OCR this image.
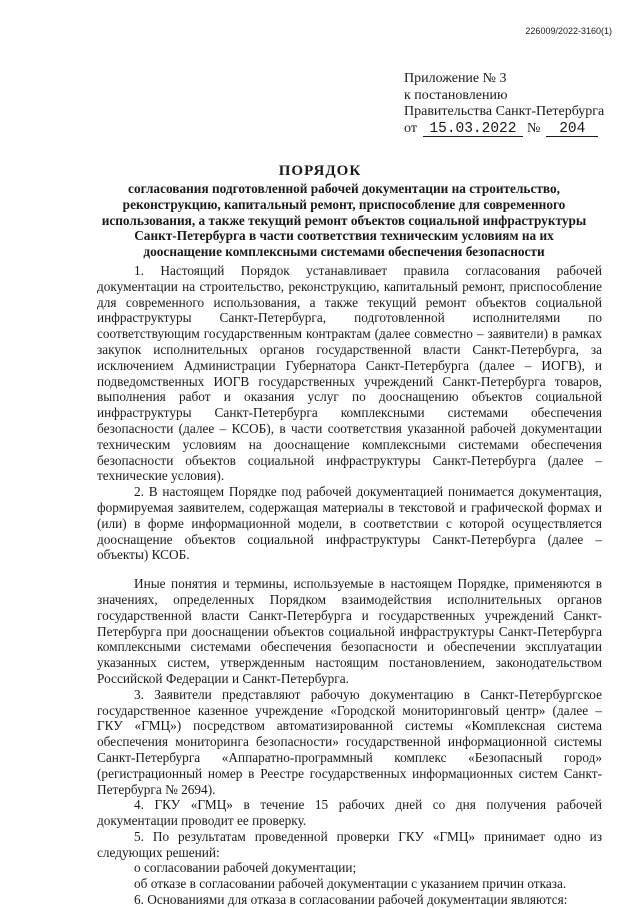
226009/2022-3160(1)
Приложение № 3
к постановлению
Правительства Санкт-Петербурга
от 15.03.2022 № 204
ПОРЯДОК
согласования подготовленной рабочей документации на строительство, реконструкцию, капитальный ремонт, приспособление для современного использования, а также текущий ремонт объектов социальной инфраструктуры Санкт-Петербурга в части соответствия техническим условиям на их дооснащение комплексными системами обеспечения безопасности

1. Настоящий Порядок устанавливает правила согласования рабочей документации на строительство, реконструкцию, капитальный ремонт, приспособление для современного использования, а также текущий ремонт объектов социальной инфраструктуры Санкт-Петербурга, подготовленной исполнителями по соответствующим государственным контрактам (далее совместно – заявители) в рамках закупок исполнительных органов государственной власти Санкт-Петербурга, за исключением Администрации Губернатора Санкт-Петербурга (далее – ИОГВ), и подведомственных ИОГВ государственных учреждений Санкт-Петербурга товаров, выполнения работ и оказания услуг по дооснащению объектов социальной инфраструктуры Санкт-Петербурга комплексными системами обеспечения безопасности (далее – КСОБ), в части соответствия указанной рабочей документации техническим условиям на дооснащение комплексными системами обеспечения безопасности объектов социальной инфраструктуры Санкт-Петербурга (далее – технические условия).

2. В настоящем Порядке под рабочей документацией понимается документация, формируемая заявителем, содержащая материалы в текстовой и графической формах и (или) в форме информационной модели, в соответствии с которой осуществляется дооснащение объектов социальной инфраструктуры Санкт-Петербурга (далее – объекты) КСОБ.

Иные понятия и термины, используемые в настоящем Порядке, применяются в значениях, определенных Порядком взаимодействия исполнительных органов государственной власти Санкт-Петербурга и государственных учреждений Санкт-Петербурга при дооснащении объектов социальной инфраструктуры Санкт-Петербурга комплексными системами обеспечения безопасности и обеспечении эксплуатации указанных систем, утвержденным настоящим постановлением, законодательством Российской Федерации и Санкт-Петербурга.

3. Заявители представляют рабочую документацию в Санкт-Петербургское государственное казенное учреждение «Городской мониторинговый центр» (далее – ГКУ «ГМЦ») посредством автоматизированной системы «Комплексная система обеспечения мониторинга безопасности» государственной информационной системы Санкт-Петербурга «Аппаратно-программный комплекс «Безопасный город» (регистрационный номер в Реестре государственных информационных систем Санкт-Петербурга № 2694).

4. ГКУ «ГМЦ» в течение 15 рабочих дней со дня получения рабочей документации проводит ее проверку.

5. По результатам проведенной проверки ГКУ «ГМЦ» принимает одно из следующих решений:

о согласовании рабочей документации;

об отказе в согласовании рабочей документации с указанием причин отказа.

6. Основаниями для отказа в согласовании рабочей документации являются:
